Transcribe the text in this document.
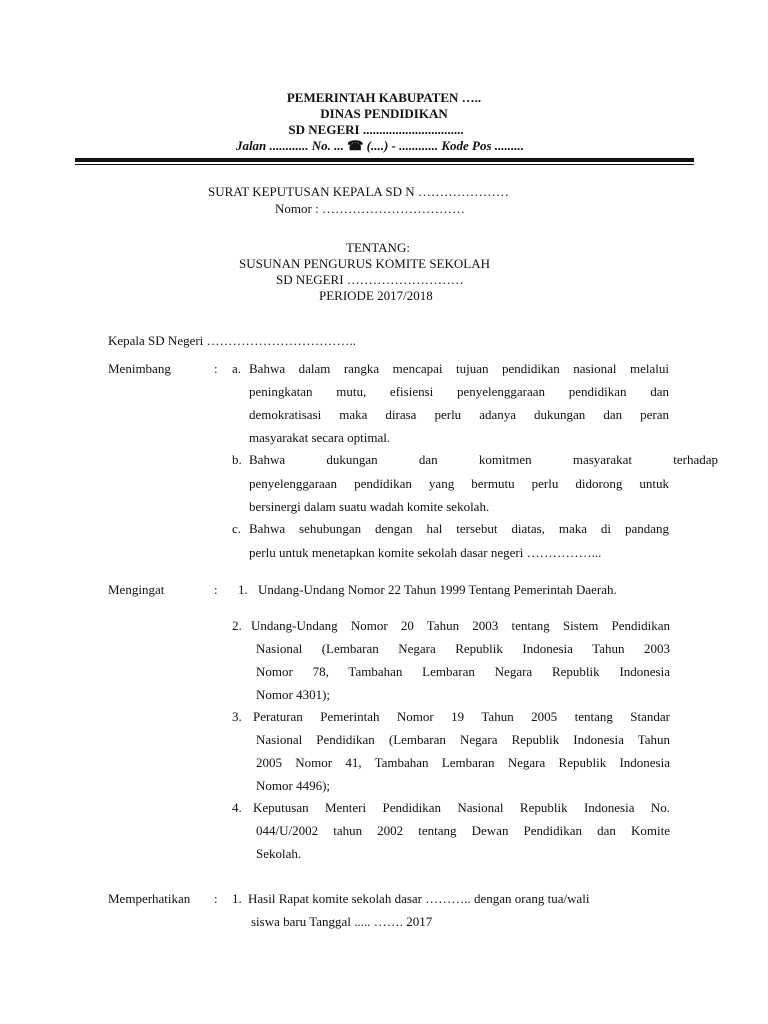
PEMERINTAH KABUPATEN …..
DINAS PENDIDIKAN
SD NEGERI ...............................
Jalan ............ No. ... ☎ (....) - ............ Kode Pos .........
SURAT KEPUTUSAN KEPALA SD N …………………
Nomor : ……………………………
TENTANG:
SUSUNAN PENGURUS KOMITE SEKOLAH
SD NEGERI ………………………
PERIODE 2017/2018
Kepala SD Negeri ……………………………..
Menimbang	: a. Bahwa dalam rangka mencapai tujuan pendidikan nasional melalui
peningkatan mutu, efisiensi penyelenggaraan pendidikan dan
demokratisasi maka dirasa perlu adanya dukungan dan peran
masyarakat secara optimal.
b. Bahwa dukungan dan komitmen masyarakat terhadap
penyelenggaraan pendidikan yang bermutu perlu didorong untuk
bersinergi dalam suatu wadah komite sekolah.
c. Bahwa sehubungan dengan hal tersebut diatas, maka di pandang
perlu untuk menetapkan komite sekolah dasar negeri ……………...
Mengingat	: 1. Undang-Undang Nomor 22 Tahun 1999 Tentang Pemerintah Daerah.
2. Undang-Undang Nomor 20 Tahun 2003 tentang Sistem Pendidikan
Nasional (Lembaran Negara Republik Indonesia Tahun 2003
Nomor 78, Tambahan Lembaran Negara Republik Indonesia
Nomor 4301);
3. Peraturan Pemerintah Nomor 19 Tahun 2005 tentang Standar
Nasional Pendidikan (Lembaran Negara Republik Indonesia Tahun
2005 Nomor 41, Tambahan Lembaran Negara Republik Indonesia
Nomor 4496);
4. Keputusan Menteri Pendidikan Nasional Republik Indonesia No.
044/U/2002 tahun 2002 tentang Dewan Pendidikan dan Komite
Sekolah.
Memperhatikan : 1. Hasil Rapat komite sekolah dasar ……….. dengan orang tua/wali
siswa baru Tanggal ..... ……. 2017
